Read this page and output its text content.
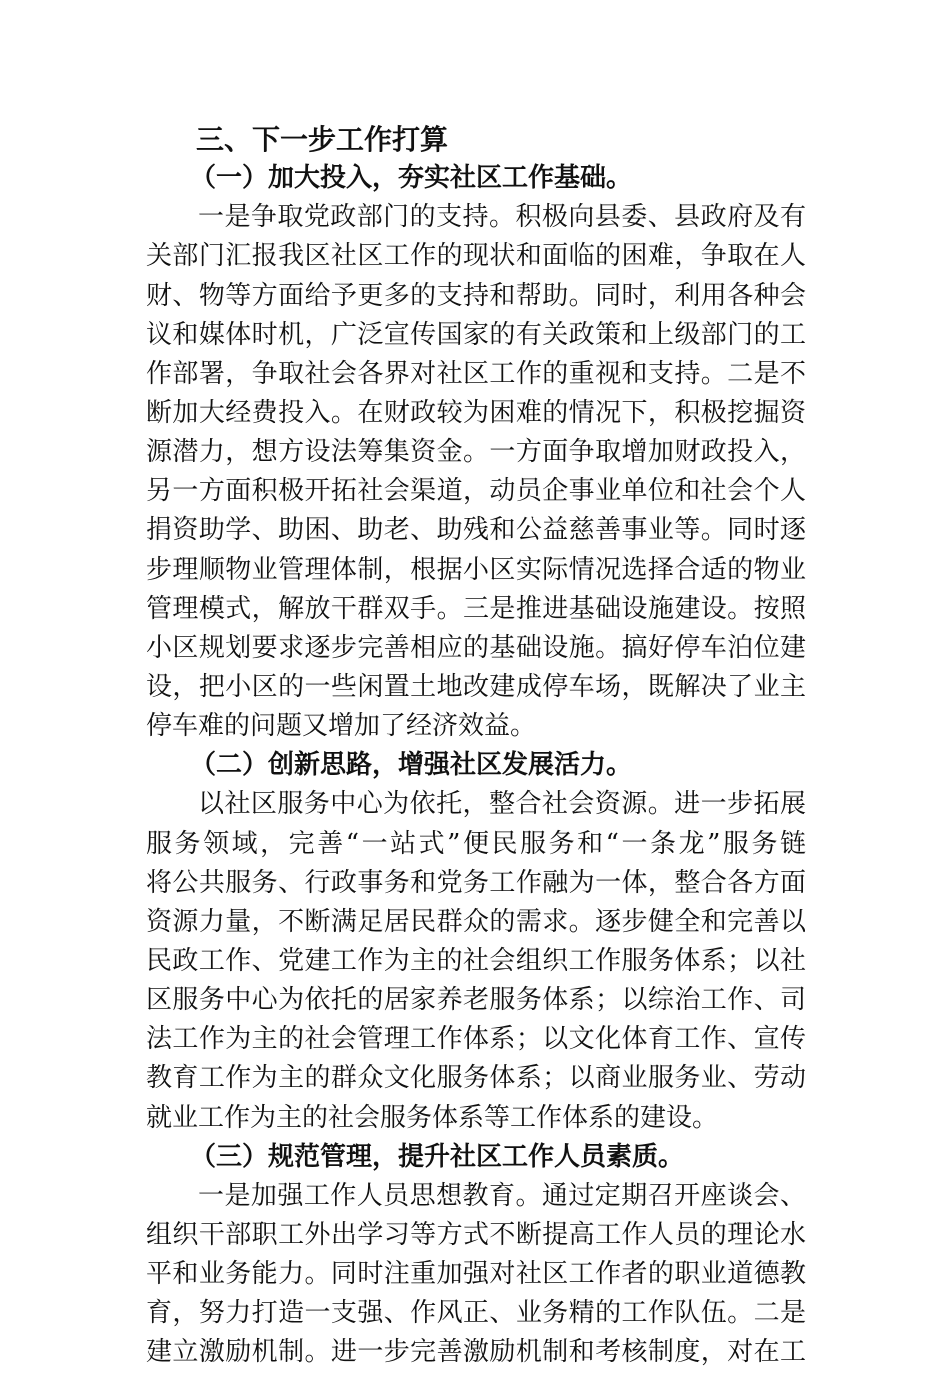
三、下一步工作打算
（一）加大投入，夯实社区工作基础。
一是争取党政部门的支持。积极向县委、县政府及有
关部门汇报我区社区工作的现状和面临的困难，争取在人
财、物等方面给予更多的支持和帮助。同时，利用各种会
议和媒体时机，广泛宣传国家的有关政策和上级部门的工
作部署，争取社会各界对社区工作的重视和支持。二是不
断加大经费投入。在财政较为困难的情况下，积极挖掘资
源潜力，想方设法筹集资金。一方面争取增加财政投入，
另一方面积极开拓社会渠道，动员企事业单位和社会个人
捐资助学、助困、助老、助残和公益慈善事业等。同时逐
步理顺物业管理体制，根据小区实际情况选择合适的物业
管理模式，解放干群双手。三是推进基础设施建设。按照
小区规划要求逐步完善相应的基础设施。搞好停车泊位建
设，把小区的一些闲置土地改建成停车场，既解决了业主
停车难的问题又增加了经济效益。
（二）创新思路，增强社区发展活力。
以社区服务中心为依托，整合社会资源。进一步拓展
服务领域，完善“一站式”便民服务和“一条龙”服务链
将公共服务、行政事务和党务工作融为一体，整合各方面
资源力量，不断满足居民群众的需求。逐步健全和完善以
民政工作、党建工作为主的社会组织工作服务体系；以社
区服务中心为依托的居家养老服务体系；以综治工作、司
法工作为主的社会管理工作体系；以文化体育工作、宣传
教育工作为主的群众文化服务体系；以商业服务业、劳动
就业工作为主的社会服务体系等工作体系的建设。
（三）规范管理，提升社区工作人员素质。
一是加强工作人员思想教育。通过定期召开座谈会、
组织干部职工外出学习等方式不断提高工作人员的理论水
平和业务能力。同时注重加强对社区工作者的职业道德教
育，努力打造一支强、作风正、业务精的工作队伍。二是
建立激励机制。进一步完善激励机制和考核制度，对在工
